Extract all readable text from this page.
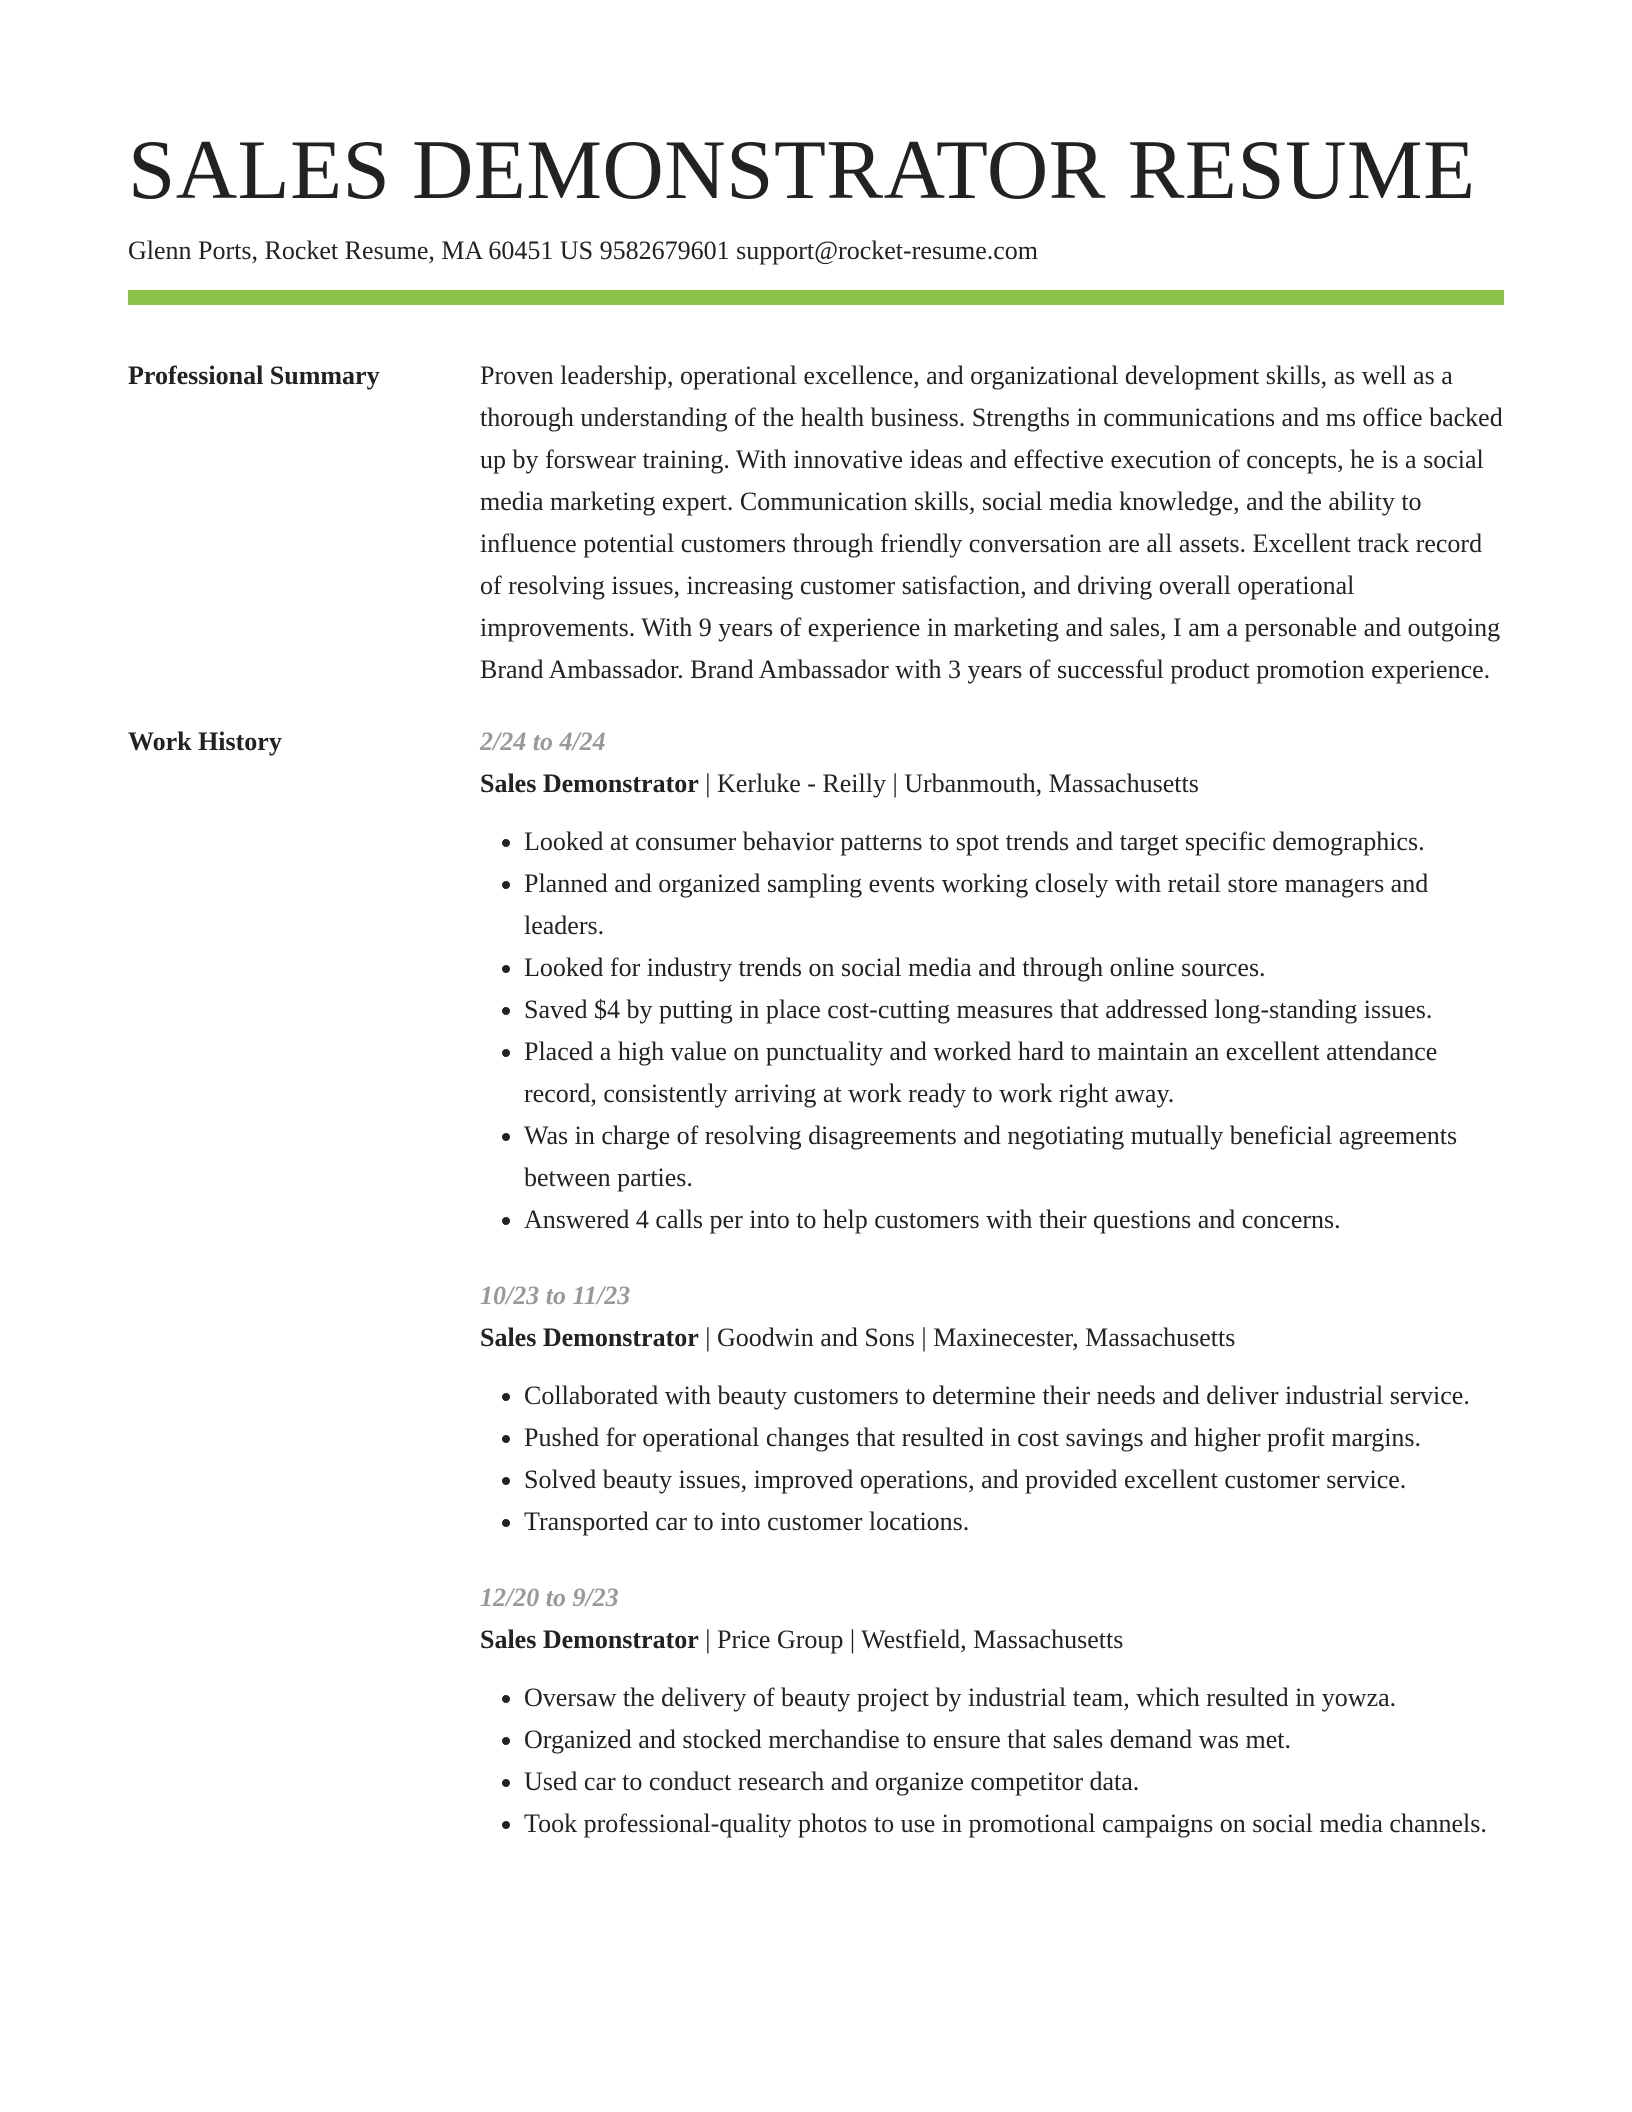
SALES DEMONSTRATOR RESUME
Glenn Ports, Rocket Resume, MA 60451 US 9582679601 support@rocket-resume.com
Professional Summary	Proven leadership, operational excellence, and organizational development skills, as well as a thorough understanding of the health business. Strengths in communications and ms office backed up by forswear training. With innovative ideas and effective execution of concepts, he is a social media marketing expert. Communication skills, social media knowledge, and the ability to influence potential customers through friendly conversation are all assets. Excellent track record of resolving issues, increasing customer satisfaction, and driving overall operational improvements. With 9 years of experience in marketing and sales, I am a personable and outgoing Brand Ambassador. Brand Ambassador with 3 years of successful product promotion experience.
Work History	2/24 to 4/24
Sales Demonstrator | Kerluke - Reilly | Urbanmouth, Massachusetts
• Looked at consumer behavior patterns to spot trends and target specific demographics.
• Planned and organized sampling events working closely with retail store managers and leaders.
• Looked for industry trends on social media and through online sources.
• Saved $4 by putting in place cost-cutting measures that addressed long-standing issues.
• Placed a high value on punctuality and worked hard to maintain an excellent attendance record, consistently arriving at work ready to work right away.
• Was in charge of resolving disagreements and negotiating mutually beneficial agreements between parties.
• Answered 4 calls per into to help customers with their questions and concerns.
10/23 to 11/23
Sales Demonstrator | Goodwin and Sons | Maxinecester, Massachusetts
• Collaborated with beauty customers to determine their needs and deliver industrial service.
• Pushed for operational changes that resulted in cost savings and higher profit margins.
• Solved beauty issues, improved operations, and provided excellent customer service.
• Transported car to into customer locations.
12/20 to 9/23
Sales Demonstrator | Price Group | Westfield, Massachusetts
• Oversaw the delivery of beauty project by industrial team, which resulted in yowza.
• Organized and stocked merchandise to ensure that sales demand was met.
• Used car to conduct research and organize competitor data.
• Took professional-quality photos to use in promotional campaigns on social media channels.
